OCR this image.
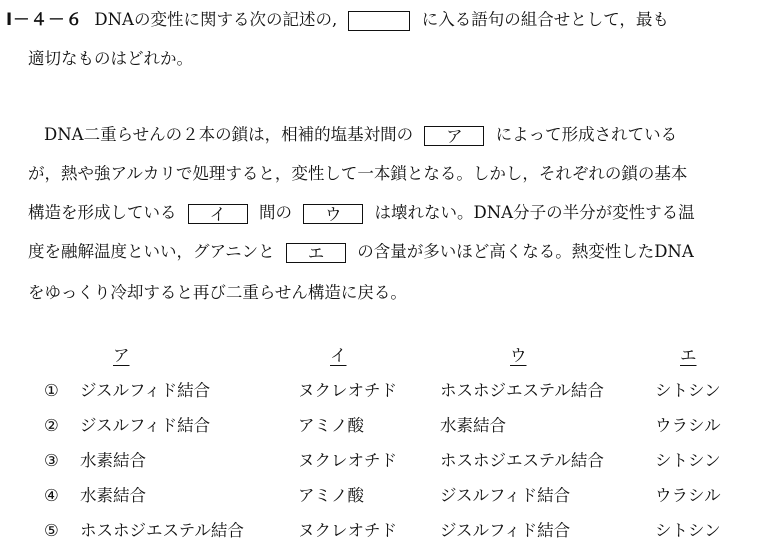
Ⅰ－４－６ DNAの変性に関する次の記述の,	に入る語句の組合せとして，最も
適切なものはどれか。
DNA二重らせんの２本の鎖は，相補的塩基対間の ア によって形成されている
が，熱や強アルカリで処理すると，変性して一本鎖となる。しかし，それぞれの鎖の基本
構造を形成している イ 間の ウ は壊れない。DNA分子の半分が変性する温
度を融解温度といい，グアニンと エ の含量が多いほど高くなる。熱変性したDNA
をゆっくり冷却すると再び二重らせん構造に戻る。
ア	イ	ウ	エ
① ジスルフィド結合	ヌクレオチド	ホスホジエステル結合	シトシン
② ジスルフィド結合	アミノ酸	水素結合	ウラシル
③ 水素結合	ヌクレオチド	ホスホジエステル結合	シトシン
④ 水素結合	アミノ酸	ジスルフィド結合	ウラシル
⑤ ホスホジエステル結合	ヌクレオチド	ジスルフィド結合	シトシン
